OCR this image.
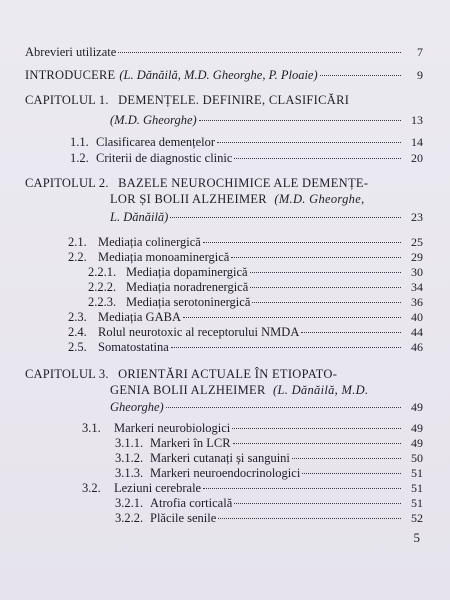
Abrevieri utilizate	7
INTRODUCERE (L. Dănăilă, M.D. Gheorghe, P. Ploaie)	9
CAPITOLUL 1. DEMENȚELE. DEFINIRE, CLASIFICĂRI
(M.D. Gheorghe)	13
1.1. Clasificarea demențelor	14
1.2. Criterii de diagnostic clinic	20
CAPITOLUL 2. BAZELE NEUROCHIMICE ALE DEMENȚE-
LOR ȘI BOLII ALZHEIMER (M.D. Gheorghe,
L. Dănăilă)	23
2.1. Mediația colinergică	25
2.2. Mediația monoaminergică	29
2.2.1. Mediația dopaminergică	30
2.2.2. Mediația noradrenergică	34
2.2.3. Mediația serotoninergică	36
2.3. Mediația GABA	40
2.4. Rolul neurotoxic al receptorului NMDA	44
2.5. Somatostatina	46
CAPITOLUL 3. ORIENTĂRI ACTUALE ÎN ETIOPATO-
GENIA BOLII ALZHEIMER (L. Dănăilă, M.D.
Gheorghe)	49
3.1.	Markeri neurobiologici	49
3.1.1. Markeri în LCR	49
3.1.2. Markeri cutanați și sanguini	50
3.1.3. Markeri neuroendocrinologici	51
3.2.	Leziuni cerebrale	51
3.2.1. Atrofia corticală	51
3.2.2. Plăcile senile	52
5
